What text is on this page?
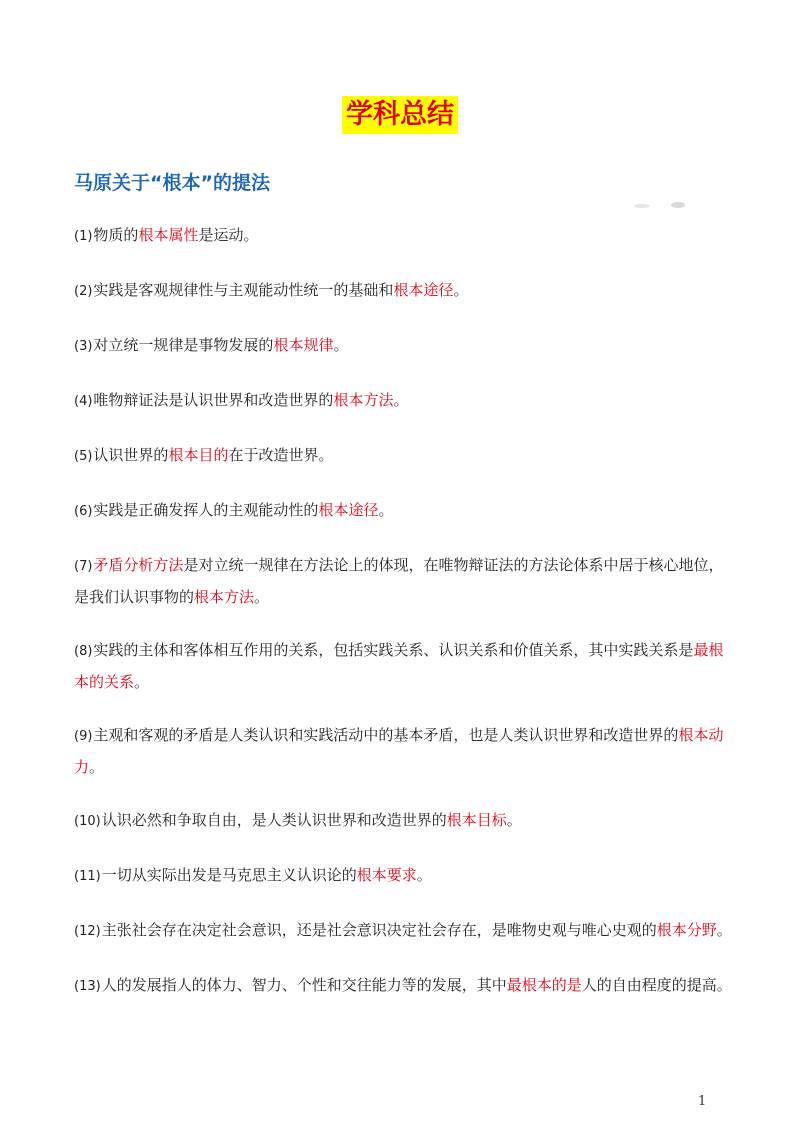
学科总结
马原关于“根本”的提法

(1)物质的根本属性是运动。

(2)实践是客观规律性与主观能动性统一的基础和根本途径。

(3)对立统一规律是事物发展的根本规律。

(4)唯物辩证法是认识世界和改造世界的根本方法。

(5)认识世界的根本目的在于改造世界。

(6)实践是正确发挥人的主观能动性的根本途径。

(7)矛盾分析方法是对立统一规律在方法论上的体现，在唯物辩证法的方法论体系中居于核心地位，是我们认识事物的根本方法。

(8)实践的主体和客体相互作用的关系，包括实践关系、认识关系和价值关系，其中实践关系是最根本的关系。

(9)主观和客观的矛盾是人类认识和实践活动中的基本矛盾，也是人类认识世界和改造世界的根本动力。

(10)认识必然和争取自由，是人类认识世界和改造世界的根本目标。

(11)一切从实际出发是马克思主义认识论的根本要求。

(12)主张社会存在决定社会意识，还是社会意识决定社会存在，是唯物史观与唯心史观的根本分野。

(13)人的发展指人的体力、智力、个性和交往能力等的发展，其中最根本的是人的自由程度的提高。

1
